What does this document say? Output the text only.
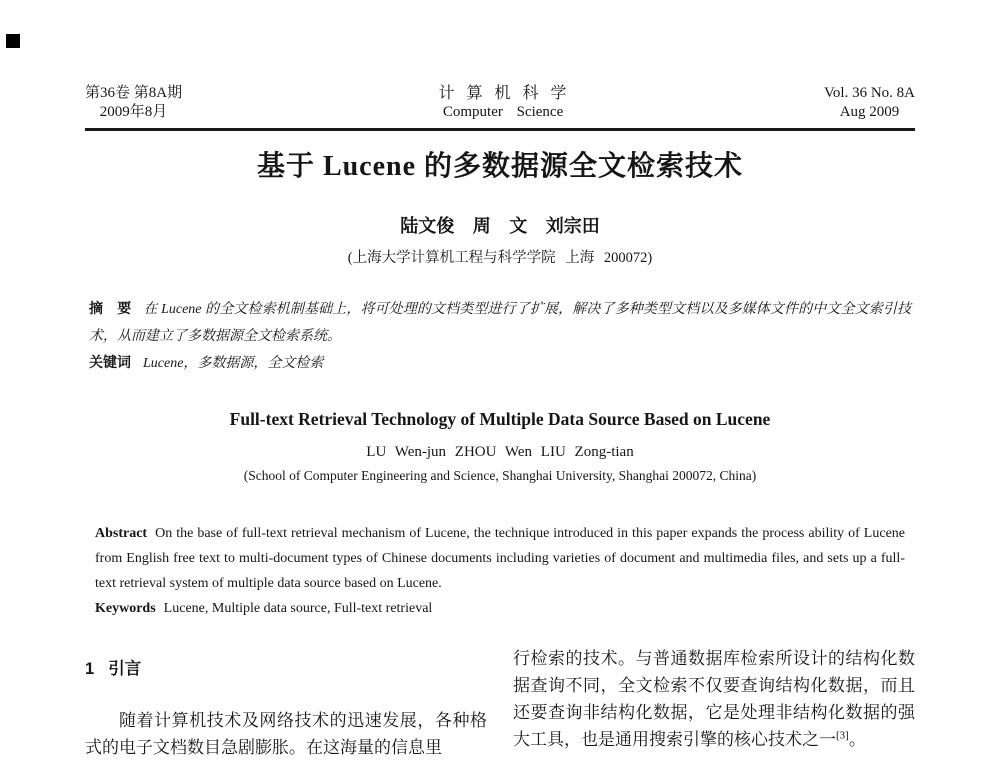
第36卷 第8A期
2009年8月
计 算 机 科 学
Computer Science
Vol. 36 No. 8A
Aug 2009
基于 Lucene 的多数据源全文检索技术
陆文俊 周 文 刘宗田
(上海大学计算机工程与科学学院 上海 200072)

摘　要 在 Lucene 的全文检索机制基础上，将可处理的文档类型进行了扩展，解决了多种类型文档以及多媒体文件的中文全文索引技术，从而建立了多数据源全文检索系统。

关键词 Lucene，多数据源，全文检索

Full-text Retrieval Technology of Multiple Data Source Based on Lucene
LU Wen-jun ZHOU Wen LIU Zong-tian
(School of Computer Engineering and Science, Shanghai University, Shanghai 200072, China)

Abstract On the base of full-text retrieval mechanism of Lucene, the technique introduced in this paper expands the process ability of Lucene from English free text to multi-document types of Chinese documents including varieties of document and multimedia files, and sets up a full-text retrieval system of multiple data source based on Lucene.

Keywords Lucene, Multiple data source, Full-text retrieval

1 引言

随着计算机技术及网络技术的迅速发展，各种格式的电子文档数目急剧膨胀。在这海量的信息里

行检索的技术。与普通数据库检索所设计的结构化数据查询不同，全文检索不仅要查询结构化数据，而且还要查询非结构化数据，它是处理非结构化数据的强大工具，也是通用搜索引擎的核心技术之一[3]。
